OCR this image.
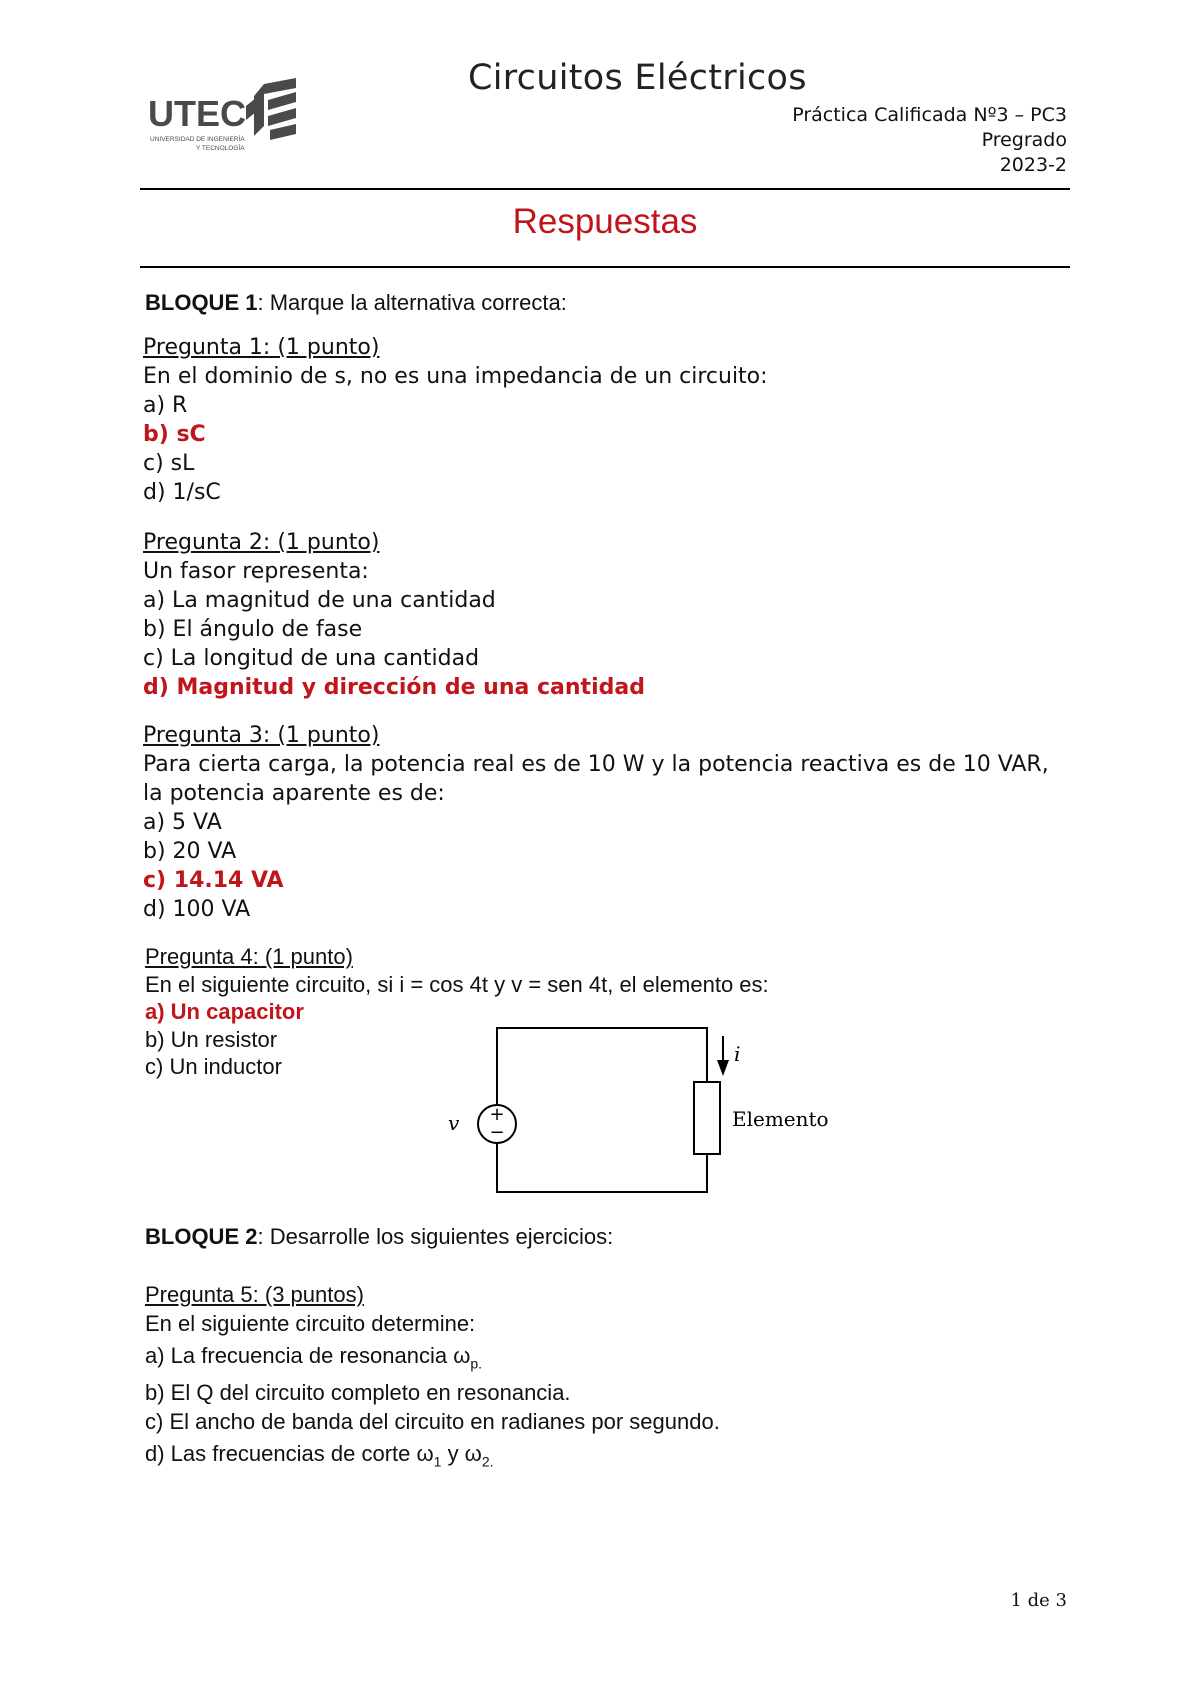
UTEC
UNIVERSIDAD DE INGENIERÍA
Y TECNOLOGÍA
Circuitos Eléctricos
Práctica Calificada Nº3 – PC3
Pregrado
2023-2
Respuestas
BLOQUE 1: Marque la alternativa correcta:
Pregunta 1: (1 punto)
En el dominio de s, no es una impedancia de un circuito:
a) R
b) sC
c) sL
d) 1/sC
Pregunta 2: (1 punto)
Un fasor representa:
a) La magnitud de una cantidad
b) El ángulo de fase
c) La longitud de una cantidad
d) Magnitud y dirección de una cantidad
Pregunta 3: (1 punto)
Para cierta carga, la potencia real es de 10 W y la potencia reactiva es de 10 VAR, la potencia aparente es de:
a) 5 VA
b) 20 VA
c) 14.14 VA
d) 100 VA
Pregunta 4: (1 punto)
En el siguiente circuito, si i = cos 4t y v = sen 4t, el elemento es:
a) Un capacitor
b) Un resistor
c) Un inductor
+
−
v	Elemento
i
BLOQUE 2: Desarrolle los siguientes ejercicios:
Pregunta 5: (3 puntos)
En el siguiente circuito determine:
a) La frecuencia de resonancia $\omega_{p.}$
b) El Q del circuito completo en resonancia.
c) El ancho de banda del circuito en radianes por segundo.
d) Las frecuencias de corte $\omega_1$ y $\omega_{2.}$
1 de 3
